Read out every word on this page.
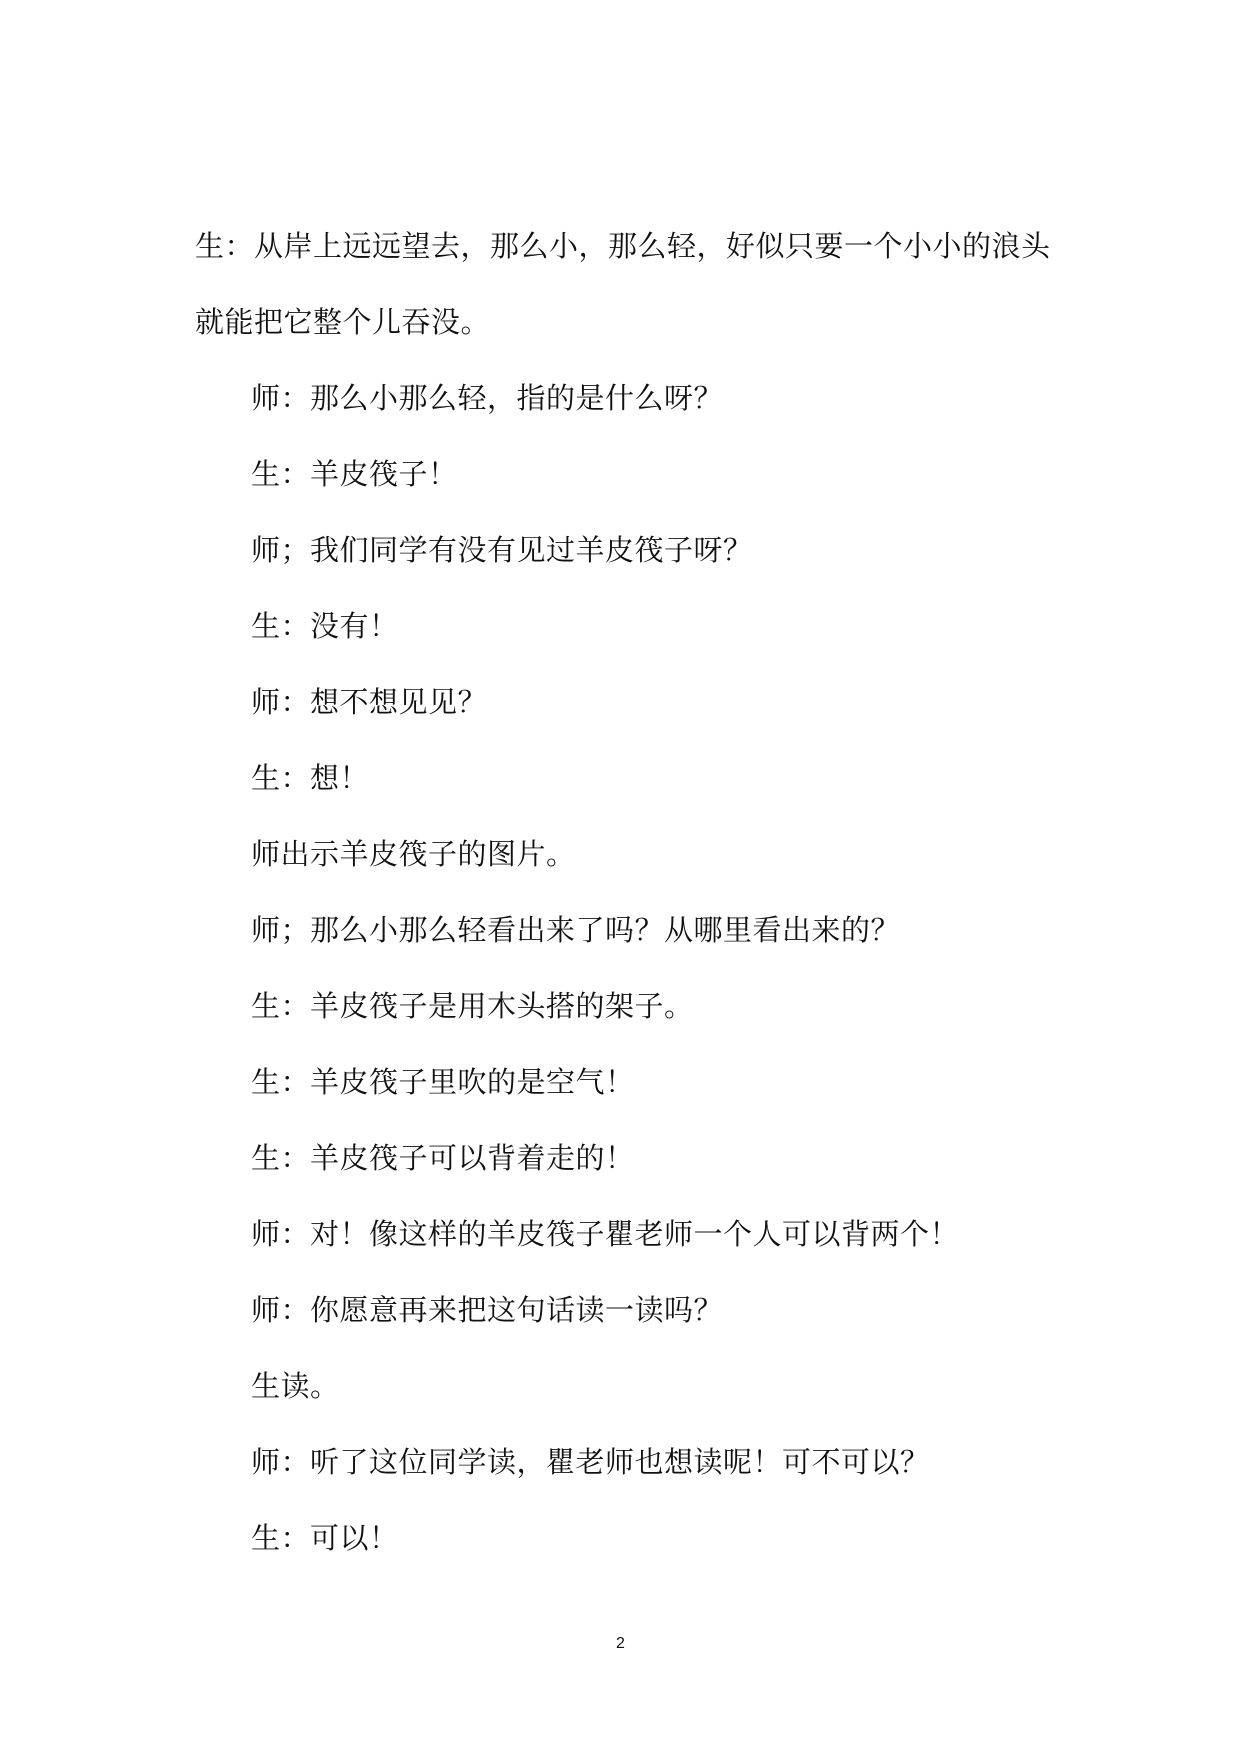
生：从岸上远远望去，那么小，那么轻，好似只要一个小小的浪头
就能把它整个儿吞没。
师：那么小那么轻，指的是什么呀？
生：羊皮筏子！
师；我们同学有没有见过羊皮筏子呀？
生：没有！
师：想不想见见？
生：想！
师出示羊皮筏子的图片。
师；那么小那么轻看出来了吗？从哪里看出来的？
生：羊皮筏子是用木头搭的架子。
生：羊皮筏子里吹的是空气！
生：羊皮筏子可以背着走的！
师：对！像这样的羊皮筏子瞿老师一个人可以背两个！
师：你愿意再来把这句话读一读吗？
生读。
师：听了这位同学读，瞿老师也想读呢！可不可以？
生：可以！
2
